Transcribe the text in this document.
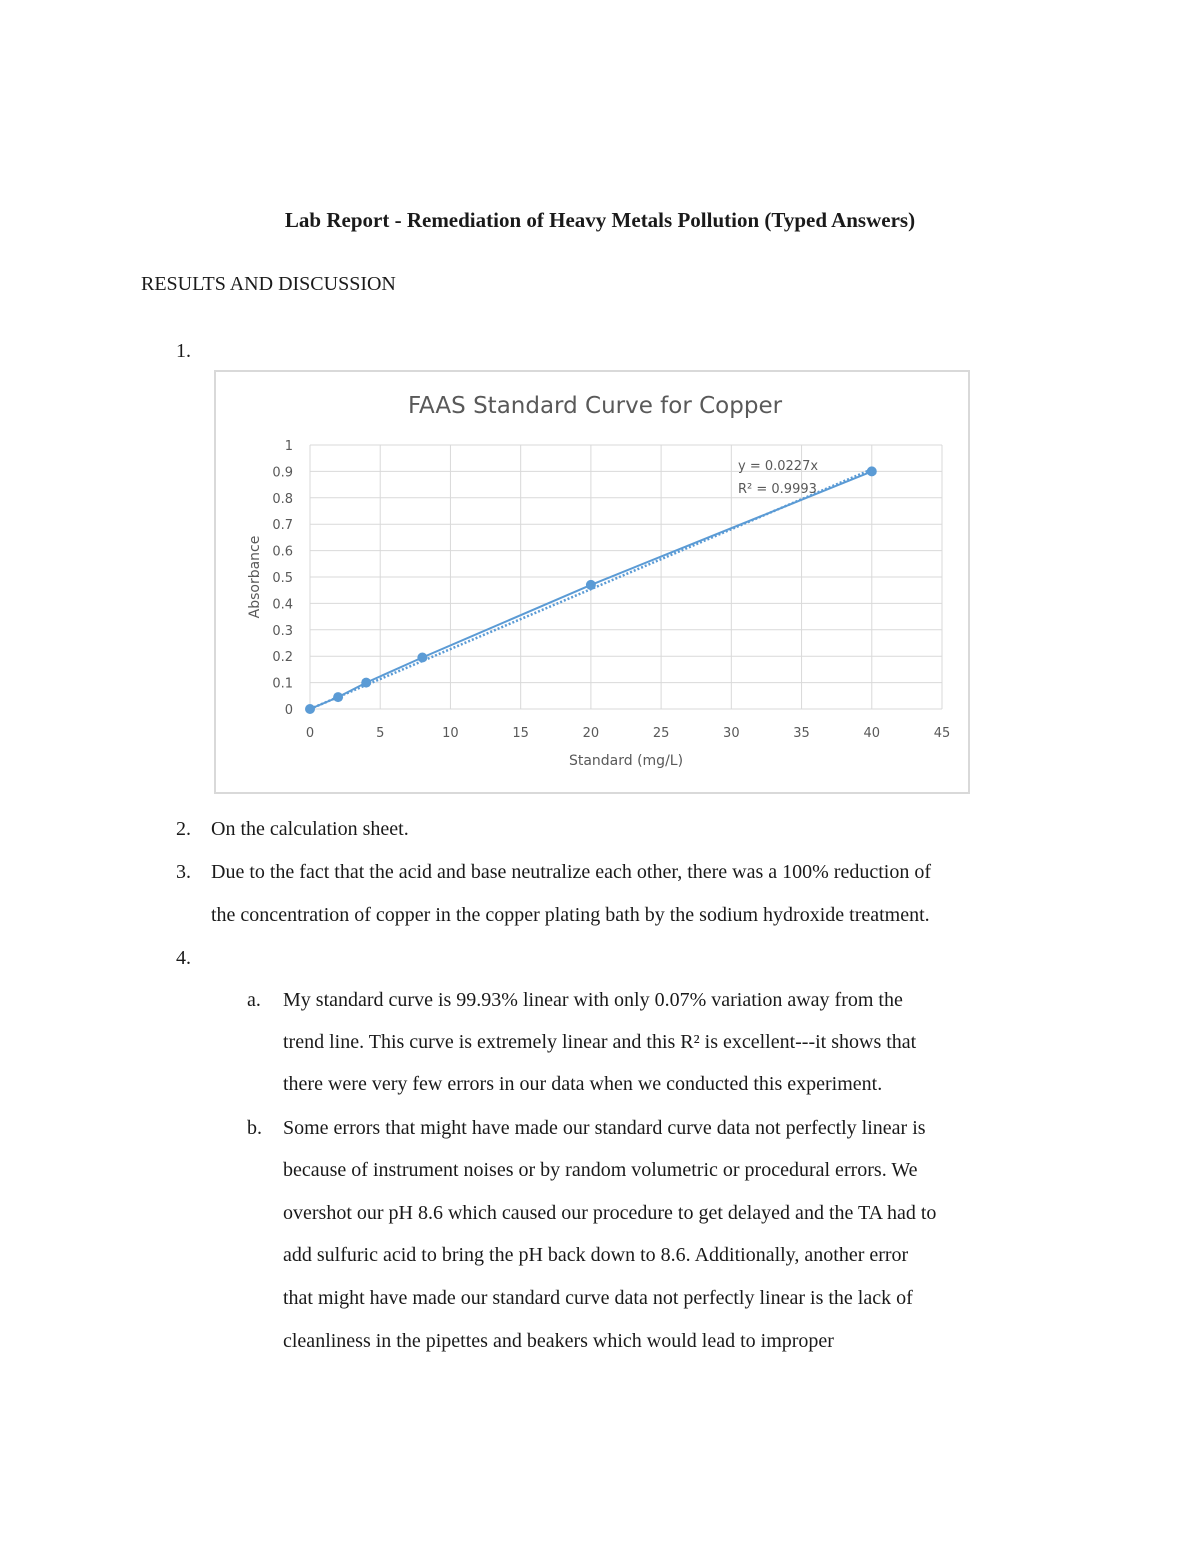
Lab Report - Remediation of Heavy Metals Pollution (Typed Answers)
RESULTS AND DISCUSSION
1.
FAAS Standard Curve for Copper
0
0.1
0.2
0.3
0.4
0.5
0.6
0.7
0.8
0.9
1
0	5	10	15	20	25	30	35	40	45
Standard (mg/L)
Absorbance
y = 0.0227x
R² = 0.9993
2. On the calculation sheet.
3. Due to the fact that the acid and base neutralize each other, there was a 100% reduction of
the concentration of copper in the copper plating bath by the sodium hydroxide treatment.
4.
a. My standard curve is 99.93% linear with only 0.07% variation away from the
trend line. This curve is extremely linear and this R² is excellent---it shows that
there were very few errors in our data when we conducted this experiment.
b. Some errors that might have made our standard curve data not perfectly linear is
because of instrument noises or by random volumetric or procedural errors. We
overshot our pH 8.6 which caused our procedure to get delayed and the TA had to
add sulfuric acid to bring the pH back down to 8.6. Additionally, another error
that might have made our standard curve data not perfectly linear is the lack of
cleanliness in the pipettes and beakers which would lead to improper
